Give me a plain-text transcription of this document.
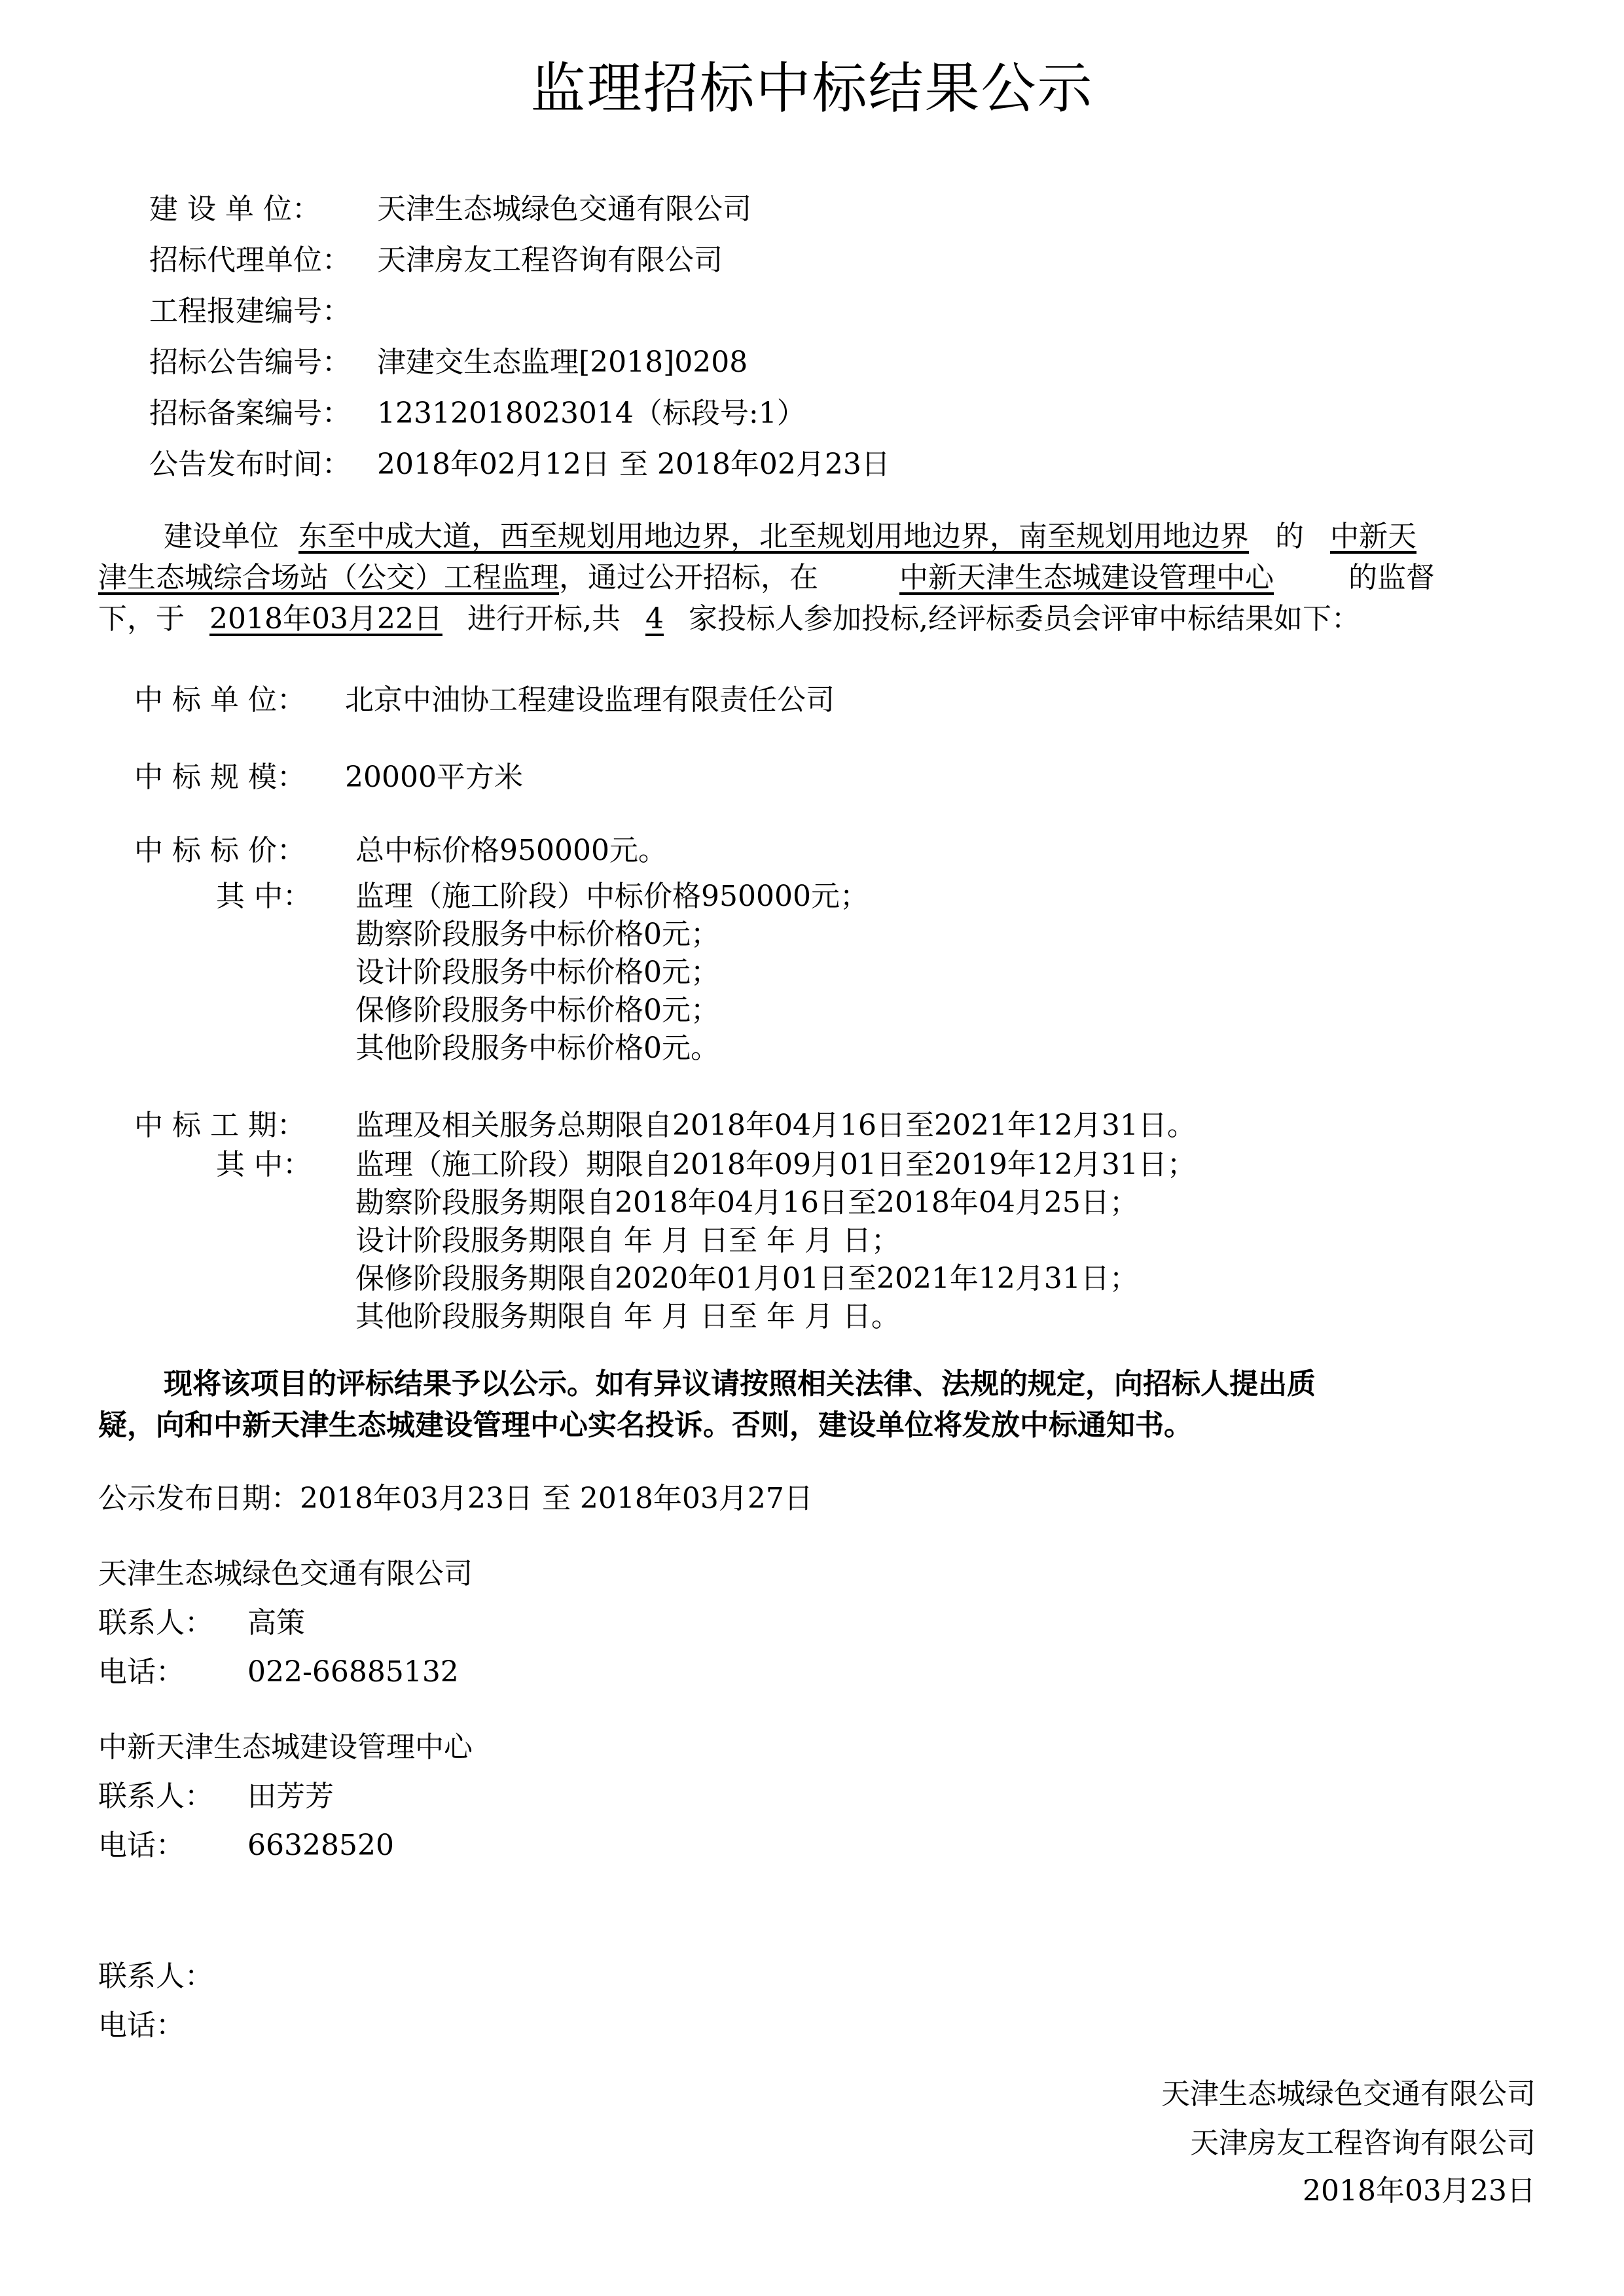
监理招标中标结果公示
建 设 单 位： 天津生态城绿色交通有限公司
招标代理单位： 天津房友工程咨询有限公司
工程报建编号：
招标公告编号： 津建交生态监理[2018]0208
招标备案编号： 12312018023014（标段号:1）
公告发布时间： 2018年02月12日 至 2018年02月23日
建设单位 东至中成大道，西至规划用地边界，北至规划用地边界，南至规划用地边界 的 中新天
津生态城综合场站（公交）工程监理，通过公开招标，在	中新天津生态城建设管理中心	的监督
下，于 2018年03月22日 进行开标,共 4 家投标人参加投标,经评标委员会评审中标结果如下：
中 标 单 位： 北京中油协工程建设监理有限责任公司
中 标 规 模： 20000平方米
中 标 标 价： 总中标价格950000元。
其 中： 监理（施工阶段）中标价格950000元；
勘察阶段服务中标价格0元；
设计阶段服务中标价格0元；
保修阶段服务中标价格0元；
其他阶段服务中标价格0元。
中 标 工 期： 监理及相关服务总期限自2018年04月16日至2021年12月31日。
其 中： 监理（施工阶段）期限自2018年09月01日至2019年12月31日；
勘察阶段服务期限自2018年04月16日至2018年04月25日；
设计阶段服务期限自 年 月 日至 年 月 日；
保修阶段服务期限自2020年01月01日至2021年12月31日；
其他阶段服务期限自 年 月 日至 年 月 日。
现将该项目的评标结果予以公示。如有异议请按照相关法律、法规的规定，向招标人提出质
疑，向和中新天津生态城建设管理中心实名投诉。否则，建设单位将发放中标通知书。
公示发布日期：2018年03月23日 至 2018年03月27日
天津生态城绿色交通有限公司
联系人： 高策
电话： 022-66885132
中新天津生态城建设管理中心
联系人： 田芳芳
电话： 66328520
联系人：
电话：
天津生态城绿色交通有限公司
天津房友工程咨询有限公司
2018年03月23日
